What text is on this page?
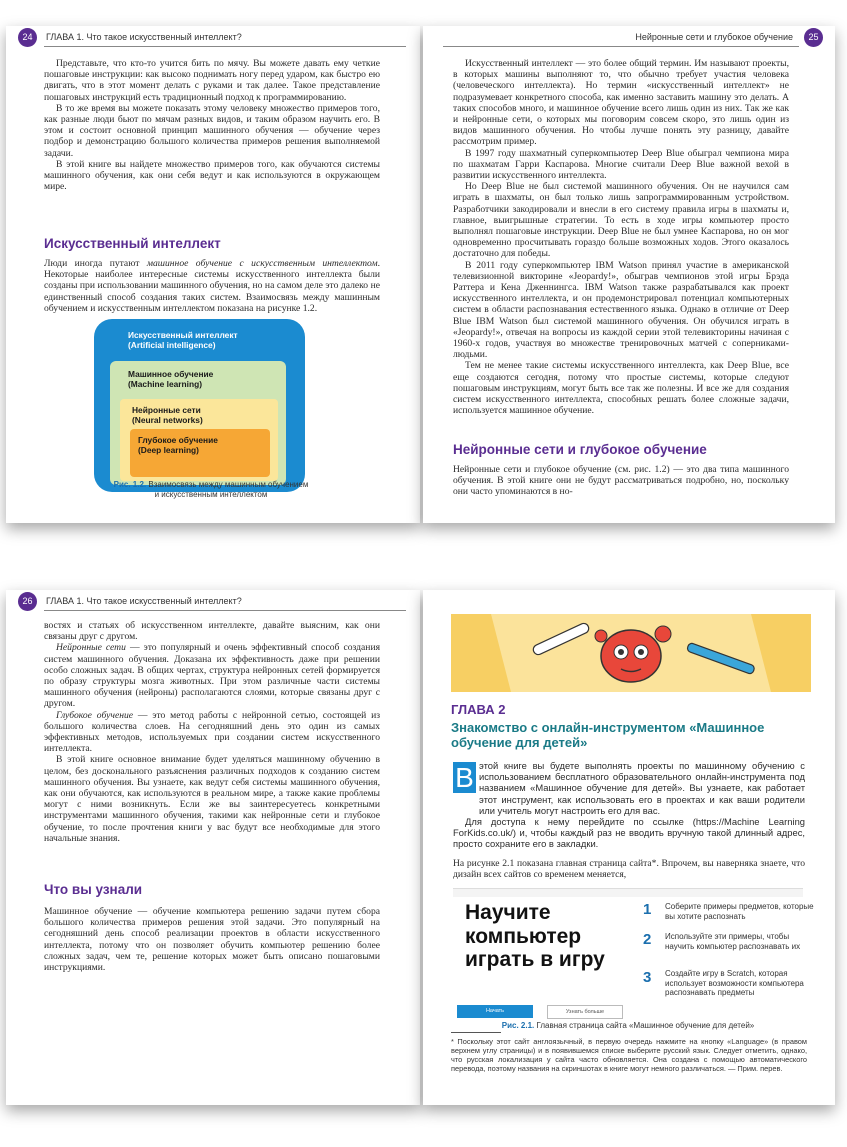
24	ГЛАВА 1. Что такое искусственный интеллект?

Представьте, что кто-то учится бить по мячу. Вы можете давать ему четкие пошаговые инструкции: как высоко поднимать ногу перед ударом, как быстро ею двигать, что в этот момент делать с руками и так далее. Такое представление пошаговых инструкций есть традиционный подход к программированию.

В то же время вы можете показать этому человеку множество примеров того, как разные люди бьют по мячам разных видов, и таким образом научить его. В этом и состоит основной принцип машинного обучения — обучение через подбор и демонстрацию большого количества примеров решения выполняемой задачи.

В этой книге вы найдете множество примеров того, как обучаются системы машинного обучения, как они себя ведут и как используются в окружающем мире.

Искусственный интеллект

Люди иногда путают машинное обучение с искусственным интеллектом. Некоторые наиболее интересные системы искусственного интеллекта были созданы при использовании машинного обучения, но на самом деле это далеко не единственный способ создания таких систем. Взаимосвязь между машинным обучением и искусственным интеллектом показана на рисунке 1.2.

Искусственный интеллект
(Artificial intelligence)
Машинное обучение
(Machine learning)
Нейронные сети
(Neural networks)
Глубокое обучение
(Deep learning)
Рис. 1.2. Взаимосвязь между машинным обучением
и искусственным интеллектом
Нейронные сети и глубокое обучение	25

Искусственный интеллект — это более общий термин. Им называют проекты, в которых машины выполняют то, что обычно требует участия человека (человеческого интеллекта). Но термин «искусственный интеллект» не подразумевает конкретного способа, как именно заставить машину это делать. А таких способов много, и машинное обучение всего лишь один из них. Так же как и нейронные сети, о которых мы поговорим совсем скоро, это лишь один из видов машинного обучения. Но чтобы лучше понять эту разницу, давайте рассмотрим пример.

В 1997 году шахматный суперкомпьютер Deep Blue обыграл чемпиона мира по шахматам Гарри Каспарова. Многие считали Deep Blue важной вехой в развитии искусственного интеллекта.

Но Deep Blue не был системой машинного обучения. Он не научился сам играть в шахматы, он был только лишь запрограммированным устройством. Разработчики закодировали и внесли в его систему правила игры в шахматы и, главное, выигрышные стратегии. То есть в ходе игры компьютер просто выполнял пошаговые инструкции. Deep Blue не был умнее Каспарова, но он мог одновременно просчитывать гораздо больше возможных ходов. Этого оказалось достаточно для победы.

В 2011 году суперкомпьютер IBM Watson принял участие в американской телевизионной викторине «Jeopardy!», обыграв чемпионов этой игры Брэда Раттера и Кена Дженнингса. IBM Watson также разрабатывался как проект искусственного интеллекта, и он продемонстрировал потенциал компьютерных систем в области распознавания естественного языка. Однако в отличие от Deep Blue IBM Watson был системой машинного обучения. Он обучился играть в «Jeopardy!», отвечая на вопросы из каждой серии этой телевикторины начиная с 1960-х годов, участвуя во множестве тренировочных матчей с соперниками-людьми.

Тем не менее такие системы искусственного интеллекта, как Deep Blue, все еще создаются сегодня, потому что простые системы, которые следуют пошаговым инструкциям, могут быть все так же полезны. И все же для создания систем искусственного интеллекта, способных решать более сложные задачи, используется машинное обучение.

Нейронные сети и глубокое обучение

Нейронные сети и глубокое обучение (см. рис. 1.2) — это два типа машинного обучения. В этой книге они не будут рассматриваться подробно, но, поскольку они часто упоминаются в но-

26	ГЛАВА 1. Что такое искусственный интеллект?

востях и статьях об искусственном интеллекте, давайте выясним, как они связаны друг с другом.

Нейронные сети — это популярный и очень эффективный способ создания систем машинного обучения. Доказана их эффективность даже при решении особо сложных задач. В общих чертах, структура нейронных сетей формируется по образу структуры мозга животных. При этом различные части системы машинного обучения (нейроны) располагаются слоями, которые связаны друг с другом.

Глубокое обучение — это метод работы с нейронной сетью, состоящей из большого количества слоев. На сегодняшний день это один из самых эффективных методов, используемых при создании систем искусственного интеллекта.

В этой книге основное внимание будет уделяться машинному обучению в целом, без досконального разъяснения различных подходов к созданию систем машинного обучения. Вы узнаете, как ведут себя системы машинного обучения, как они обучаются, как используются в реальном мире, а также какие проблемы могут с ними возникнуть. Если же вы заинтересуетесь конкретными инструментами машинного обучения, такими как нейронные сети и глубокое обучение, то после прочтения книги у вас будут все необходимые для этого начальные знания.

Что вы узнали

Машинное обучение — обучение компьютера решению задачи путем сбора большого количества примеров решения этой задачи. Это популярный на сегодняшний день способ реализации проектов в области искусственного интеллекта, потому что он позволяет обучить компьютер решению более сложных задач, чем те, решение которых может быть описано пошаговыми инструкциями.

ГЛАВА 2
Знакомство с онлайн-инструментом «Машинное обучение для детей»
В этой книге вы будете выполнять проекты по машинному обучению с использованием бесплатного образовательного онлайн-инструмента под названием «Машинное обучение для детей». Вы узнаете, как работает этот инструмент, как использовать его в проектах и как ваши родители или учитель могут настроить его для вас.

Для доступа к нему перейдите по ссылке (https://Machine Learning ForKids.co.uk/) и, чтобы каждый раз не вводить вручную такой длинный адрес, просто сохраните его в закладки.

На рисунке 2.1 показана главная страница сайта*. Впрочем, вы наверняка знаете, что дизайн всех сайтов со временем меняется,

Научите компьютер играть в игру
1 Соберите примеры предметов, которые вы хотите распознать
2 Используйте эти примеры, чтобы научить компьютер распознавать их
3 Создайте игру в Scratch, которая использует возможности компьютера распознавать предметы
Начать	Узнать больше
Рис. 2.1. Главная страница сайта «Машинное обучение для детей»
* Поскольку этот сайт англоязычный, в первую очередь нажмите на кнопку «Language» (в правом верхнем углу страницы) и в появившемся списке выберите русский язык. Следует отметить, однако, что русская локализация у сайта часто обновляется. Она создана с помощью автоматического перевода, поэтому названия на скриншотах в книге могут немного различаться. — Прим. перев.
